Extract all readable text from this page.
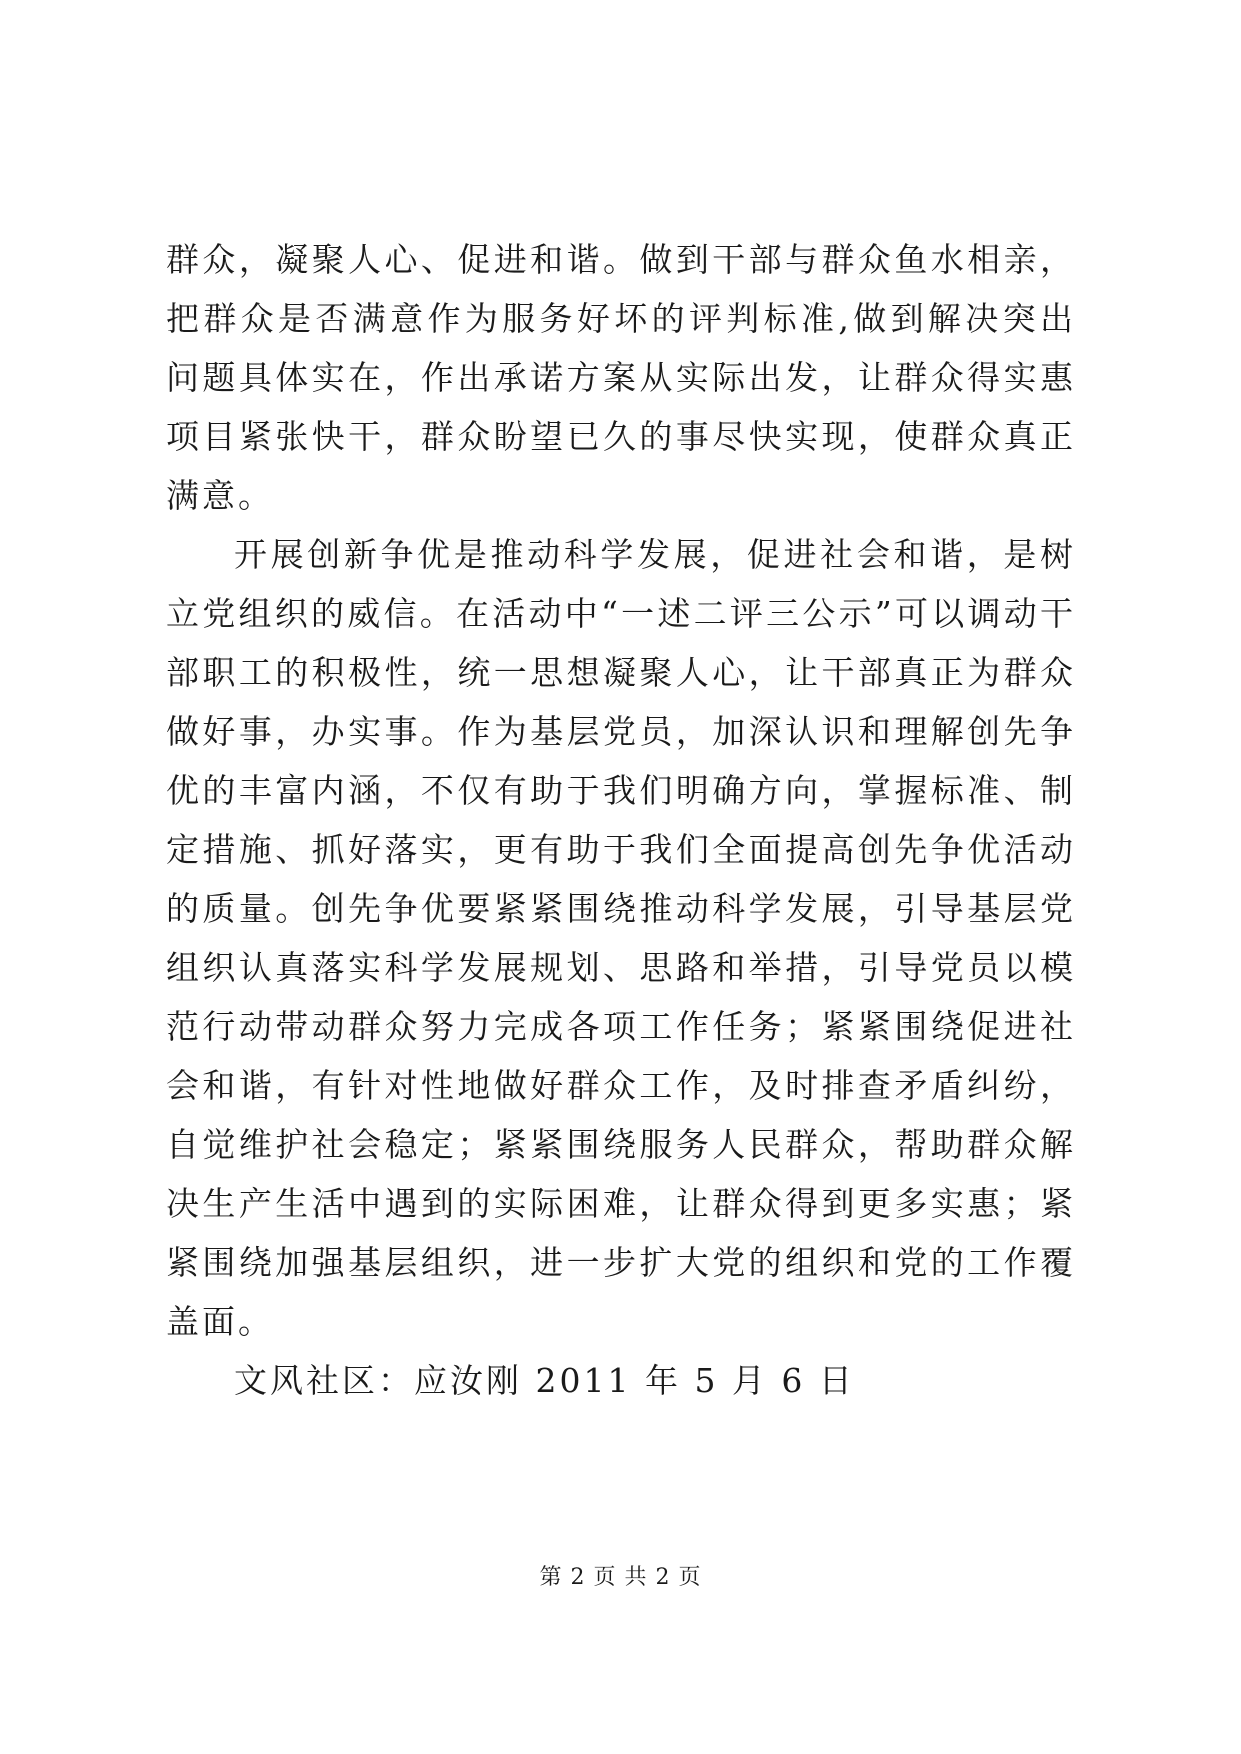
群众，凝聚人心、促进和谐。做到干部与群众鱼水相亲，把群众是否满意作为服务好坏的评判标准,做到解决突出问题具体实在，作出承诺方案从实际出发，让群众得实惠项目紧张快干，群众盼望已久的事尽快实现，使群众真正满意。

开展创新争优是推动科学发展，促进社会和谐，是树立党组织的威信。在活动中“一述二评三公示”可以调动干部职工的积极性，统一思想凝聚人心，让干部真正为群众做好事，办实事。作为基层党员，加深认识和理解创先争优的丰富内涵，不仅有助于我们明确方向，掌握标准、制定措施、抓好落实，更有助于我们全面提高创先争优活动的质量。创先争优要紧紧围绕推动科学发展，引导基层党组织认真落实科学发展规划、思路和举措，引导党员以模范行动带动群众努力完成各项工作任务；紧紧围绕促进社会和谐，有针对性地做好群众工作，及时排查矛盾纠纷，自觉维护社会稳定；紧紧围绕服务人民群众，帮助群众解决生产生活中遇到的实际困难，让群众得到更多实惠；紧紧围绕加强基层组织，进一步扩大党的组织和党的工作覆盖面。

文风社区：应汝刚 2011 年 5 月 6 日

第 2 页 共 2 页
